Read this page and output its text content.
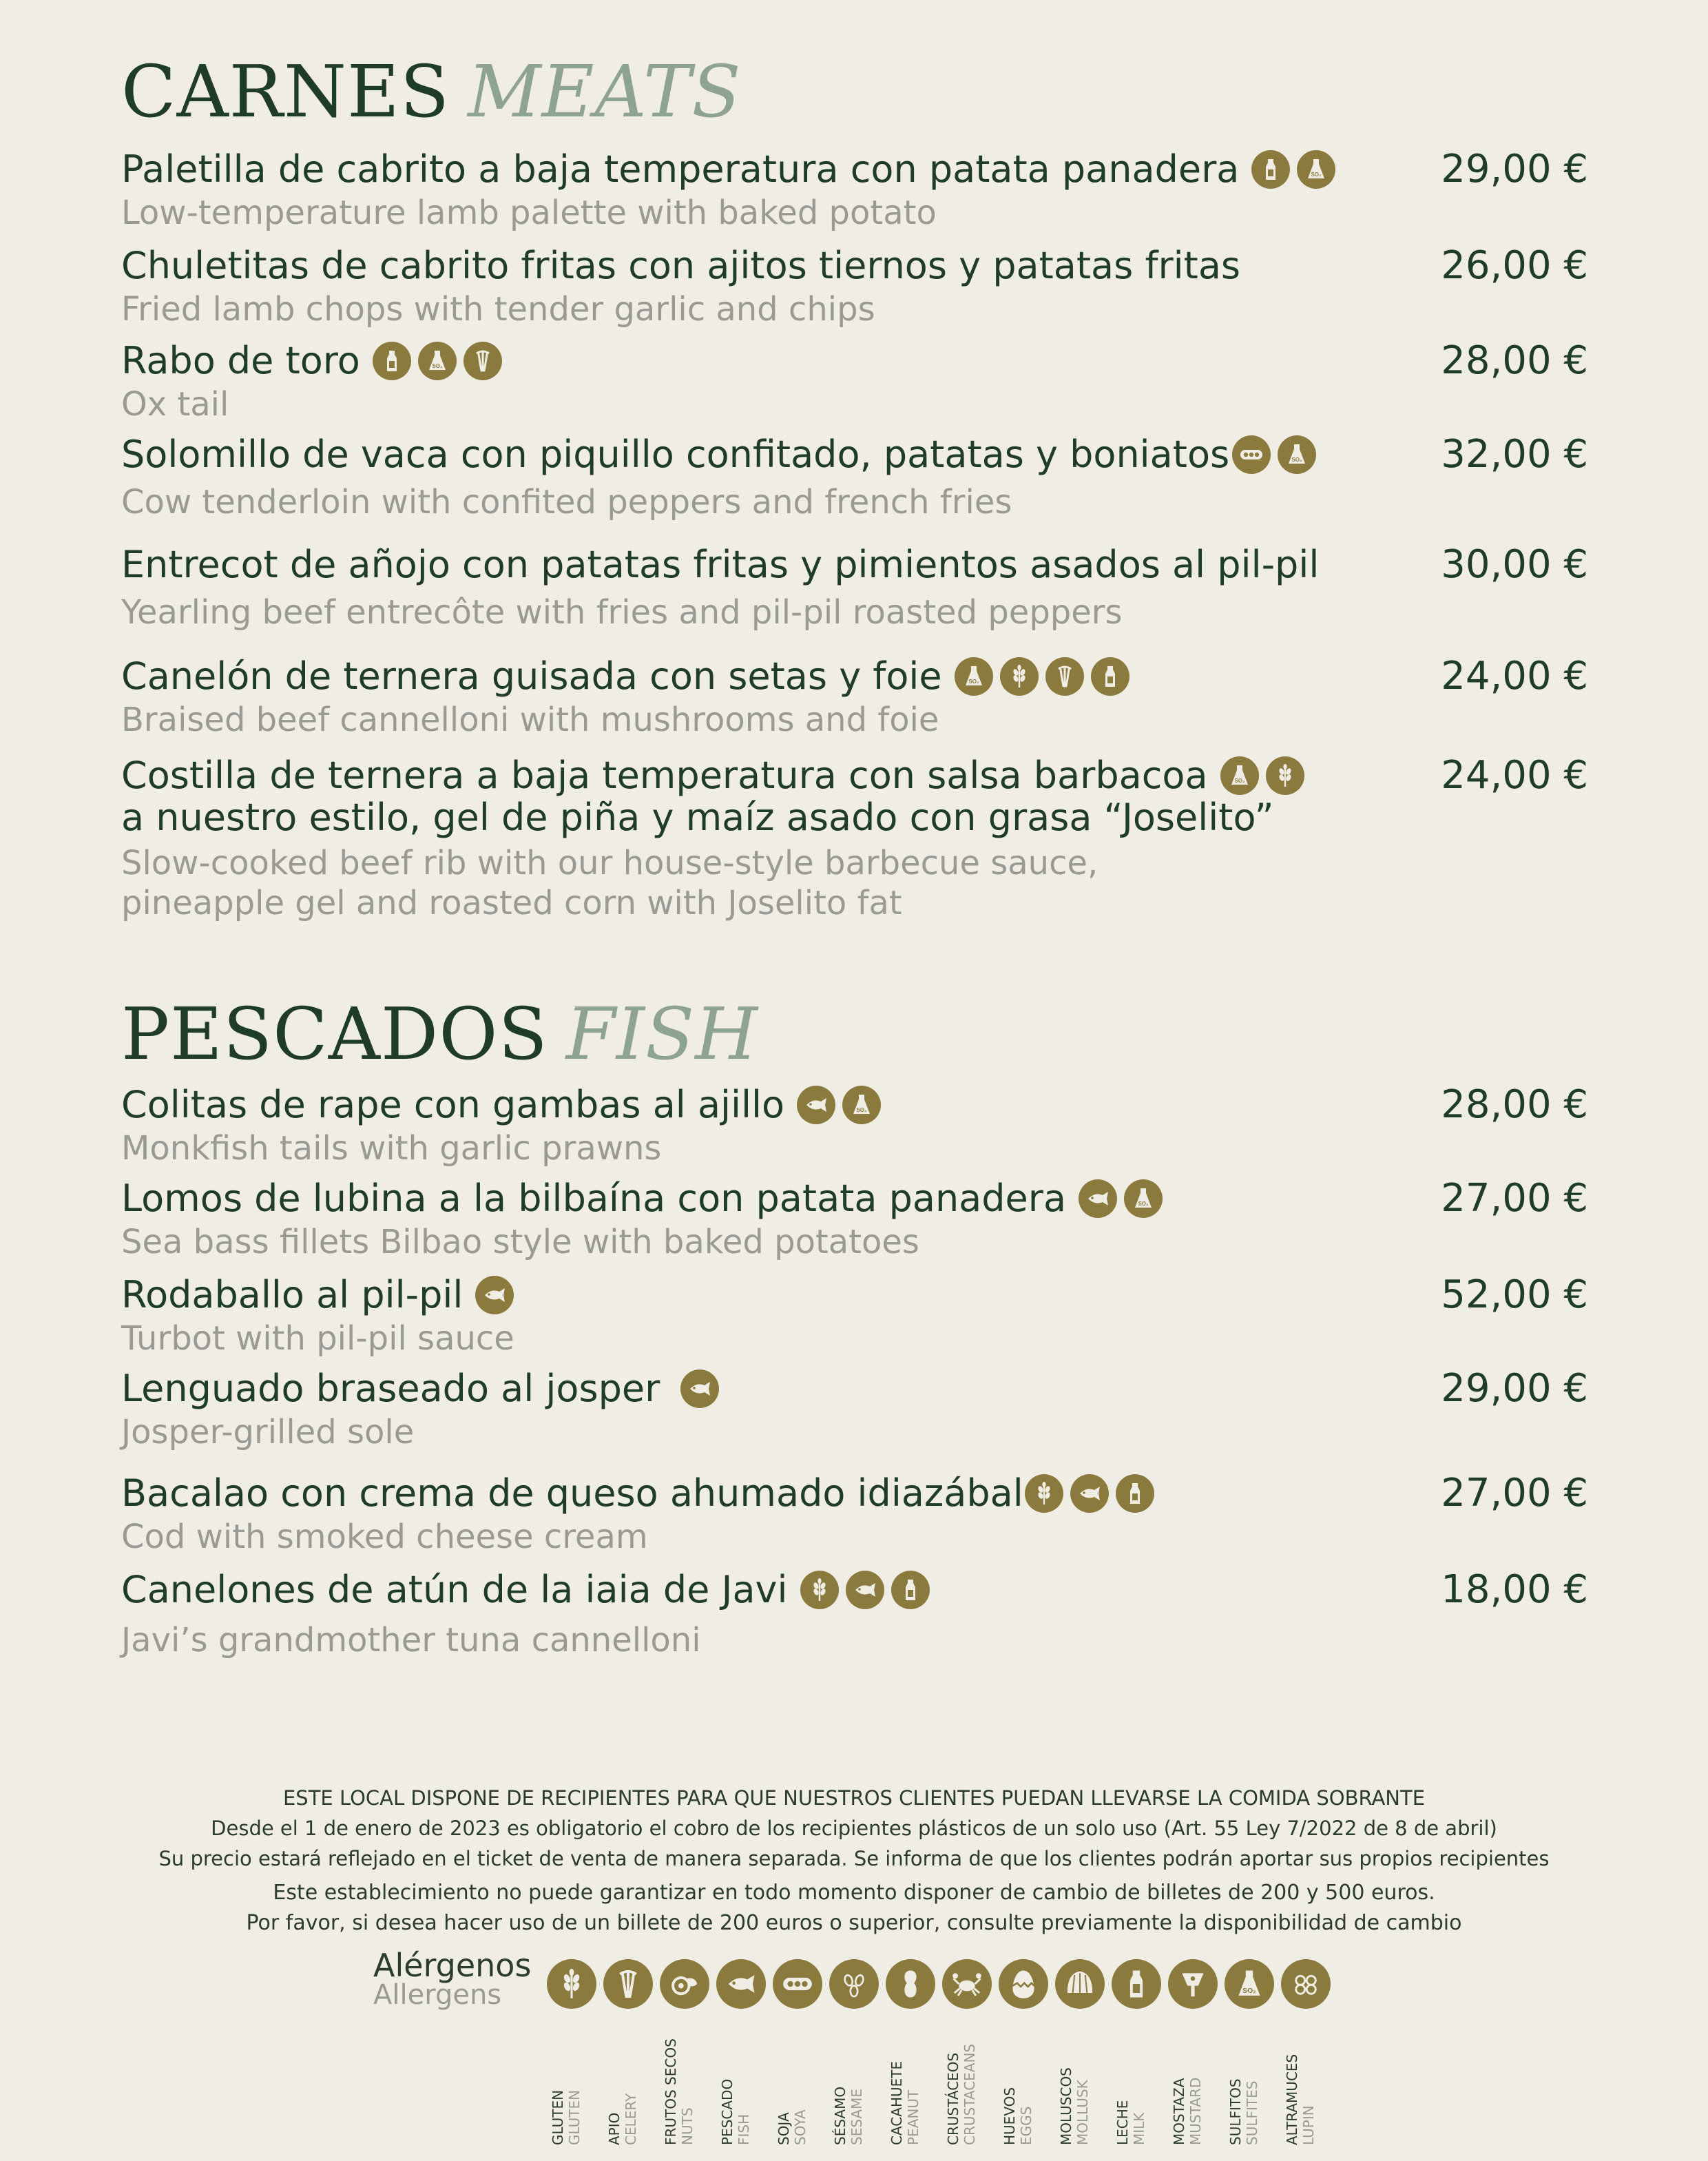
CARNES MEATS
Paletilla de cabrito a baja temperatura con patata panadera	SO₂	29,00 €
Low-temperature lamb palette with baked potato
Chuletitas de cabrito fritas con ajitos tiernos y patatas fritas	26,00 €
Fried lamb chops with tender garlic and chips
Rabo de toro	SO₂	28,00 €
Ox tail
Solomillo de vaca con piquillo confitado, patatas y boniatos	SO₂	32,00 €
Cow tenderloin with confited peppers and french fries
Entrecot de añojo con patatas fritas y pimientos asados al pil-pil	30,00 €
Yearling beef entrecôte with fries and pil-pil roasted peppers
Canelón de ternera guisada con setas y foie	SO₂	24,00 €
Braised beef cannelloni with mushrooms and foie
Costilla de ternera a baja temperatura con salsa barbacoa	SO₂	24,00 €
a nuestro estilo, gel de piña y maíz asado con grasa “Joselito”
Slow-cooked beef rib with our house-style barbecue sauce,
pineapple gel and roasted corn with Joselito fat
PESCADOS FISH
Colitas de rape con gambas al ajillo	SO₂	28,00 €
Monkfish tails with garlic prawns
Lomos de lubina a la bilbaína con patata panadera	SO₂	27,00 €
Sea bass fillets Bilbao style with baked potatoes
Rodaballo al pil-pil	52,00 €
Turbot with pil-pil sauce
Lenguado braseado al josper	29,00 €
Josper-grilled sole
Bacalao con crema de queso ahumado idiazábal	27,00 €
Cod with smoked cheese cream
Canelones de atún de la iaia de Javi	18,00 €
Javi’s grandmother tuna cannelloni
ESTE LOCAL DISPONE DE RECIPIENTES PARA QUE NUESTROS CLIENTES PUEDAN LLEVARSE LA COMIDA SOBRANTE
Desde el 1 de enero de 2023 es obligatorio el cobro de los recipientes plásticos de un solo uso (Art. 55 Ley 7/2022 de 8 de abril)
Su precio estará reflejado en el ticket de venta de manera separada. Se informa de que los clientes podrán aportar sus propios recipientes
Este establecimiento no puede garantizar en todo momento disponer de cambio de billetes de 200 y 500 euros.
Por favor, si desea hacer uso de un billete de 200 euros o superior, consulte previamente la disponibilidad de cambio
Alérgenos
Allergens
GLUTEN GLUTEN APIO CELERY FRUTOS SECOS NUTS PESCADO FISH SOJA SOYA SÉSAMO SESAME CACAHUETE PEANUT CRUSTÁCEOS CRUSTACEANS HUEVOS EGGS MOLUSCOS MOLLUSK LECHE MILK MOSTAZA MUSTARD
SO₂
SULFITOS SULFITES ALTRAMUCES LUPIN
